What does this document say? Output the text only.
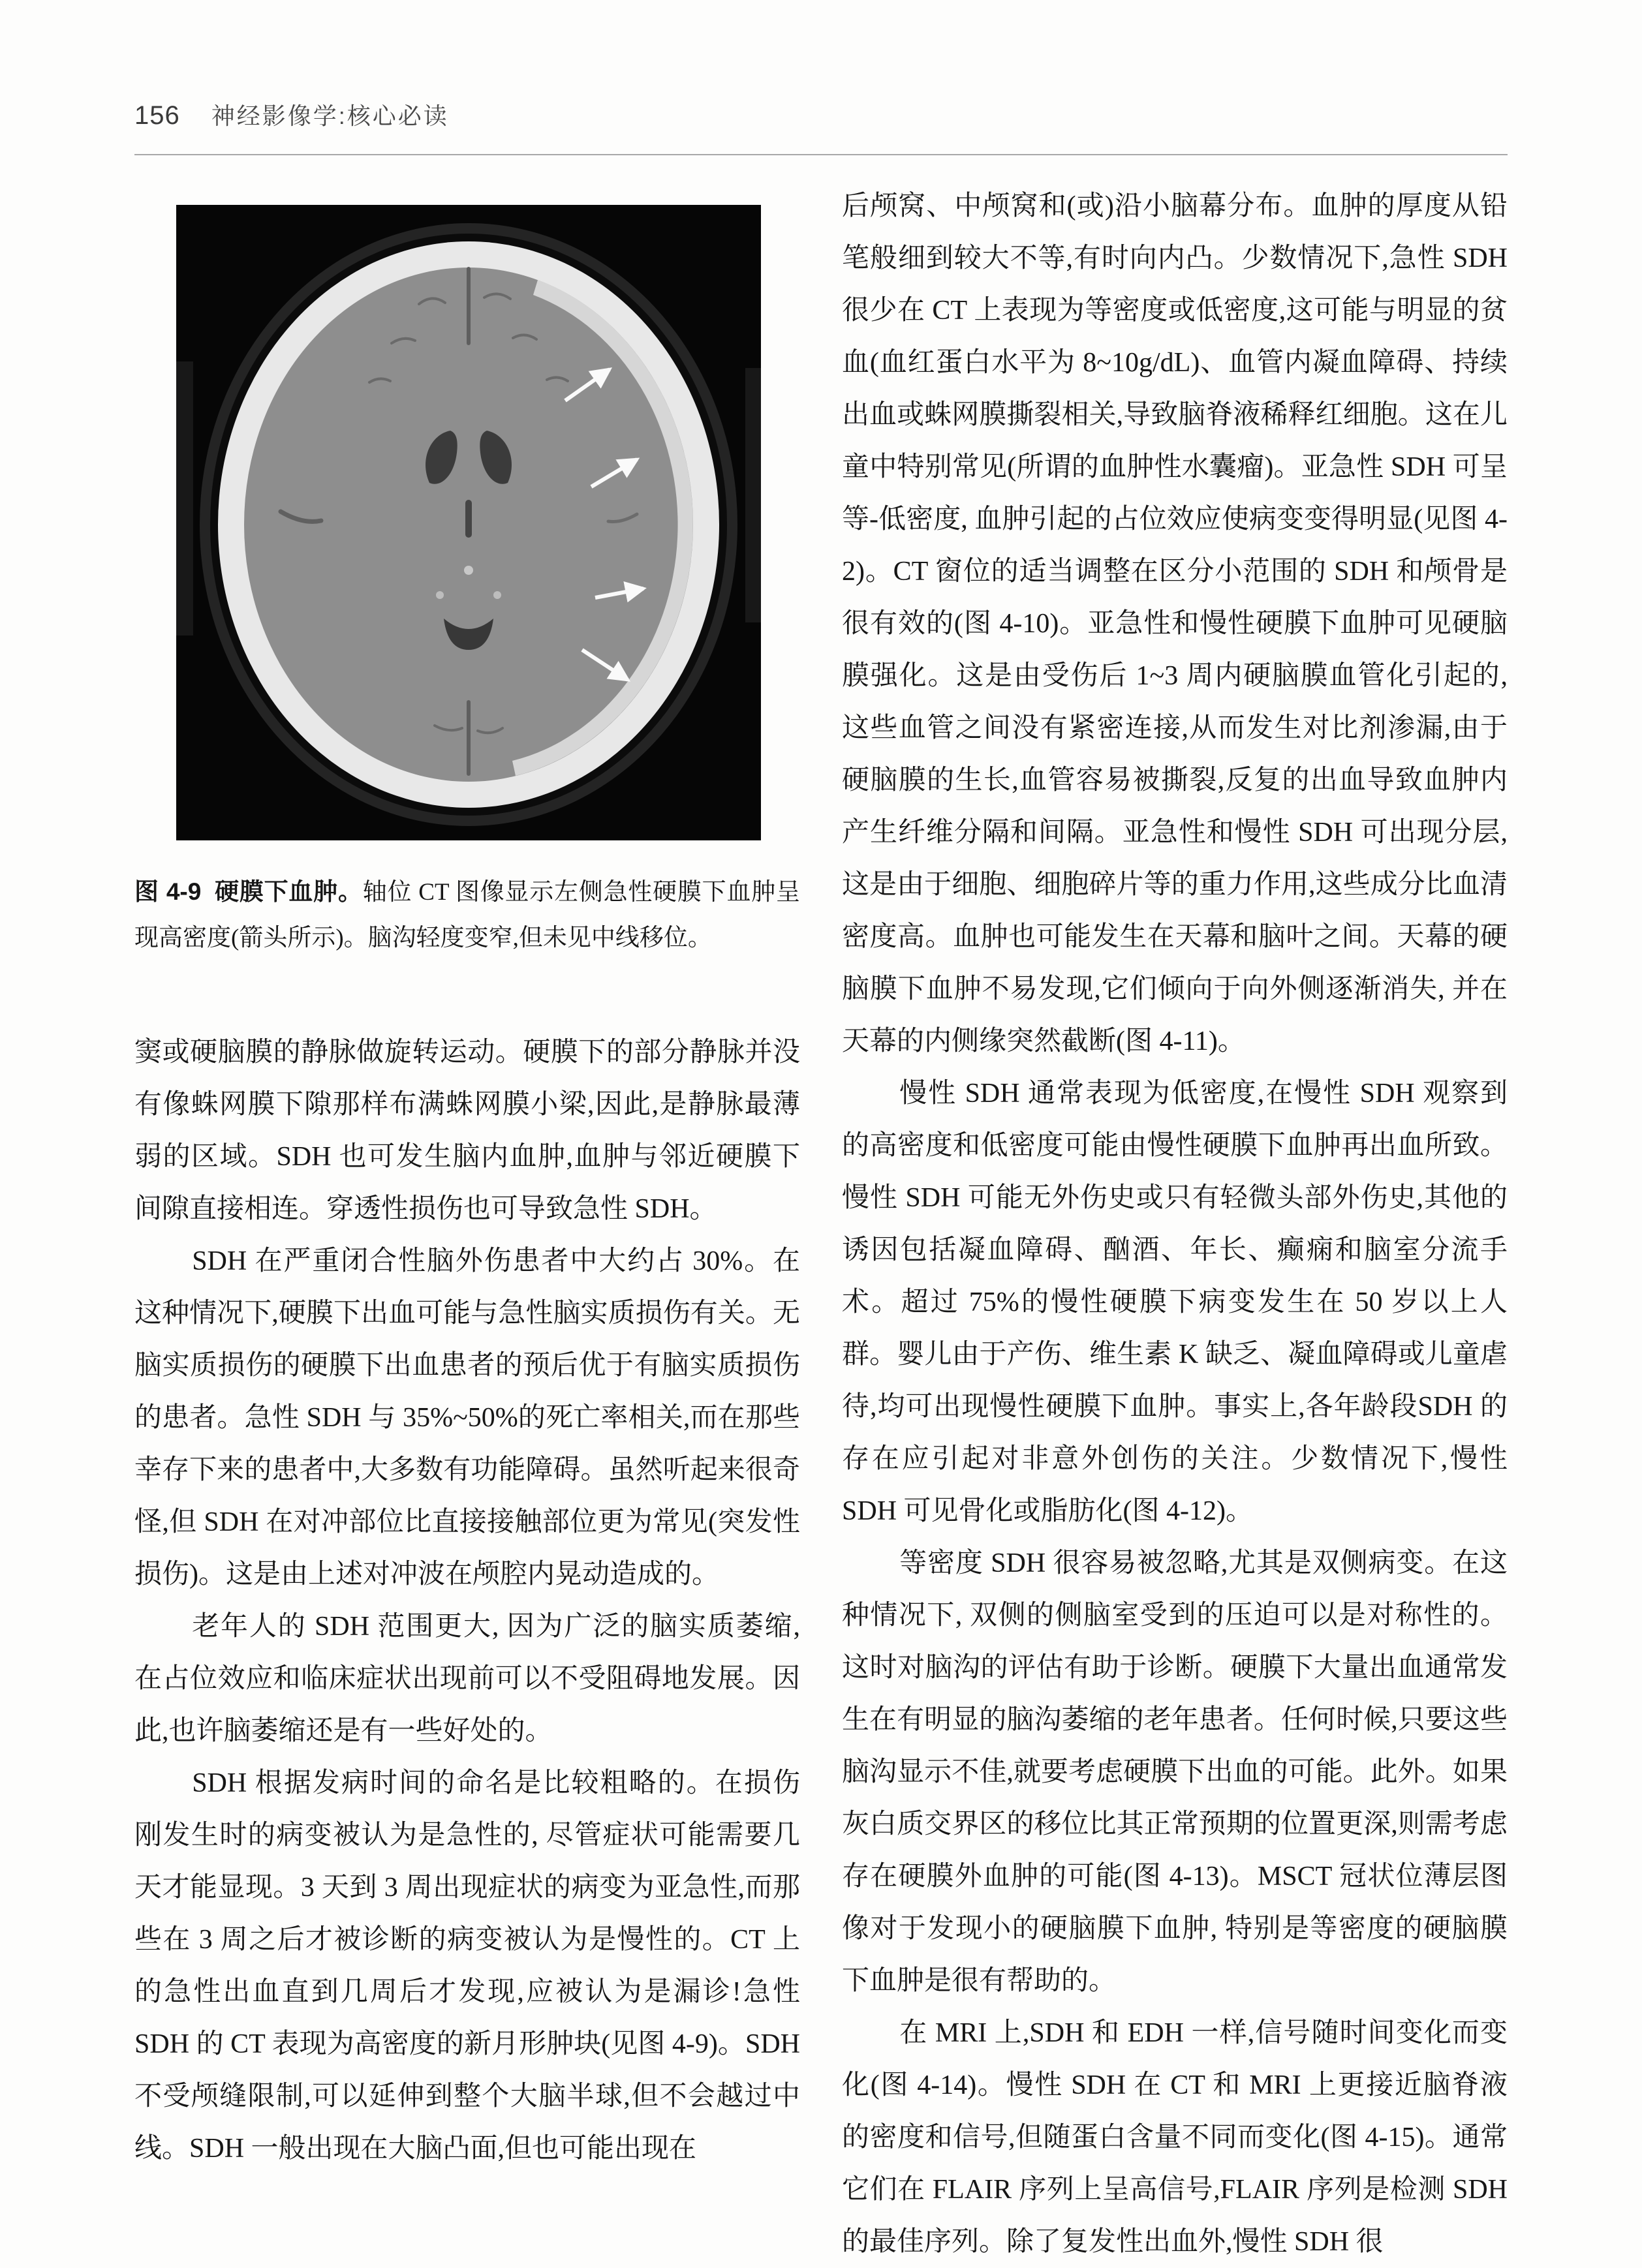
156 神经影像学:核心必读

图 4-9 硬膜下血肿。轴位 CT 图像显示左侧急性硬膜下血肿呈现高密度(箭头所示)。脑沟轻度变窄,但未见中线移位。

窦或硬脑膜的静脉做旋转运动。硬膜下的部分静脉并没有像蛛网膜下隙那样布满蛛网膜小梁,因此,是静脉最薄弱的区域。SDH 也可发生脑内血肿,血肿与邻近硬膜下间隙直接相连。穿透性损伤也可导致急性 SDH。

SDH 在严重闭合性脑外伤患者中大约占 30%。在这种情况下,硬膜下出血可能与急性脑实质损伤有关。无脑实质损伤的硬膜下出血患者的预后优于有脑实质损伤的患者。急性 SDH 与 35%~50%的死亡率相关,而在那些幸存下来的患者中,大多数有功能障碍。虽然听起来很奇怪,但 SDH 在对冲部位比直接接触部位更为常见(突发性损伤)。这是由上述对冲波在颅腔内晃动造成的。

老年人的 SDH 范围更大, 因为广泛的脑实质萎缩, 在占位效应和临床症状出现前可以不受阻碍地发展。因此,也许脑萎缩还是有一些好处的。

SDH 根据发病时间的命名是比较粗略的。在损伤刚发生时的病变被认为是急性的, 尽管症状可能需要几天才能显现。3 天到 3 周出现症状的病变为亚急性,而那些在 3 周之后才被诊断的病变被认为是慢性的。CT 上的急性出血直到几周后才发现,应被认为是漏诊!急性 SDH 的 CT 表现为高密度的新月形肿块(见图 4-9)。SDH 不受颅缝限制,可以延伸到整个大脑半球,但不会越过中线。SDH 一般出现在大脑凸面,但也可能出现在

后颅窝、中颅窝和(或)沿小脑幕分布。血肿的厚度从铅笔般细到较大不等,有时向内凸。少数情况下,急性 SDH 很少在 CT 上表现为等密度或低密度,这可能与明显的贫血(血红蛋白水平为 8~10g/dL)、血管内凝血障碍、持续出血或蛛网膜撕裂相关,导致脑脊液稀释红细胞。这在儿童中特别常见(所谓的血肿性水囊瘤)。亚急性 SDH 可呈等-低密度, 血肿引起的占位效应使病变变得明显(见图 4-2)。CT 窗位的适当调整在区分小范围的 SDH 和颅骨是很有效的(图 4-10)。亚急性和慢性硬膜下血肿可见硬脑膜强化。这是由受伤后 1~3 周内硬脑膜血管化引起的,这些血管之间没有紧密连接,从而发生对比剂渗漏,由于硬脑膜的生长,血管容易被撕裂,反复的出血导致血肿内产生纤维分隔和间隔。亚急性和慢性 SDH 可出现分层,这是由于细胞、细胞碎片等的重力作用,这些成分比血清密度高。血肿也可能发生在天幕和脑叶之间。天幕的硬脑膜下血肿不易发现,它们倾向于向外侧逐渐消失, 并在天幕的内侧缘突然截断(图 4-11)。

慢性 SDH 通常表现为低密度,在慢性 SDH 观察到的高密度和低密度可能由慢性硬膜下血肿再出血所致。慢性 SDH 可能无外伤史或只有轻微头部外伤史,其他的诱因包括凝血障碍、酗酒、年长、癫痫和脑室分流手术。超过 75%的慢性硬膜下病变发生在 50 岁以上人群。婴儿由于产伤、维生素 K 缺乏、凝血障碍或儿童虐待,均可出现慢性硬膜下血肿。事实上,各年龄段SDH 的存在应引起对非意外创伤的关注。少数情况下,慢性 SDH 可见骨化或脂肪化(图 4-12)。

等密度 SDH 很容易被忽略,尤其是双侧病变。在这种情况下, 双侧的侧脑室受到的压迫可以是对称性的。这时对脑沟的评估有助于诊断。硬膜下大量出血通常发生在有明显的脑沟萎缩的老年患者。任何时候,只要这些脑沟显示不佳,就要考虑硬膜下出血的可能。此外。如果灰白质交界区的移位比其正常预期的位置更深,则需考虑存在硬膜外血肿的可能(图 4-13)。MSCT 冠状位薄层图像对于发现小的硬脑膜下血肿, 特别是等密度的硬脑膜下血肿是很有帮助的。

在 MRI 上,SDH 和 EDH 一样,信号随时间变化而变化(图 4-14)。慢性 SDH 在 CT 和 MRI 上更接近脑脊液的密度和信号,但随蛋白含量不同而变化(图 4-15)。通常它们在 FLAIR 序列上呈高信号,FLAIR 序列是检测 SDH 的最佳序列。除了复发性出血外,慢性 SDH 很
